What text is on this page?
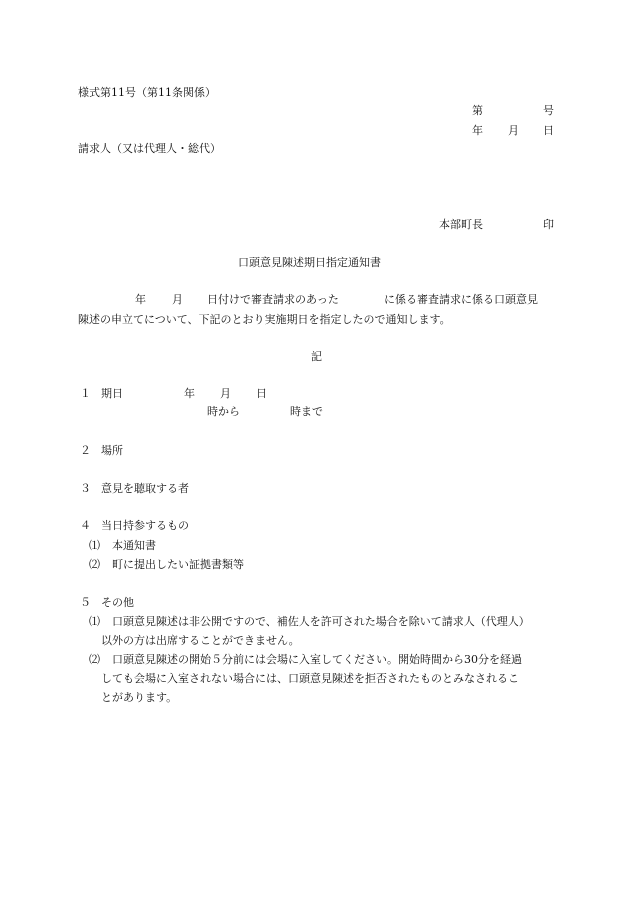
様式第11号（第11条関係）
第	号
年 月 日
請求人（又は代理人・総代）
本部町長	印
口頭意見陳述期日指定通知書
年 月 日付けで審査請求のあった	に係る審査請求に係る口頭意見
陳述の申立てについて、下記のとおり実施期日を指定したので通知します。
記
１ 期日	年 月 日
時から	時まで
２ 場所
３ 意見を聴取する者
４ 当日持参するもの
⑴ 本通知書
⑵ 町に提出したい証拠書類等
５ その他
⑴ 口頭意見陳述は非公開ですので、補佐人を許可された場合を除いて請求人（代理人）
以外の方は出席することができません。
⑵ 口頭意見陳述の開始５分前には会場に入室してください。開始時間から30分を経過
しても会場に入室されない場合には、口頭意見陳述を拒否されたものとみなされるこ
とがあります。
